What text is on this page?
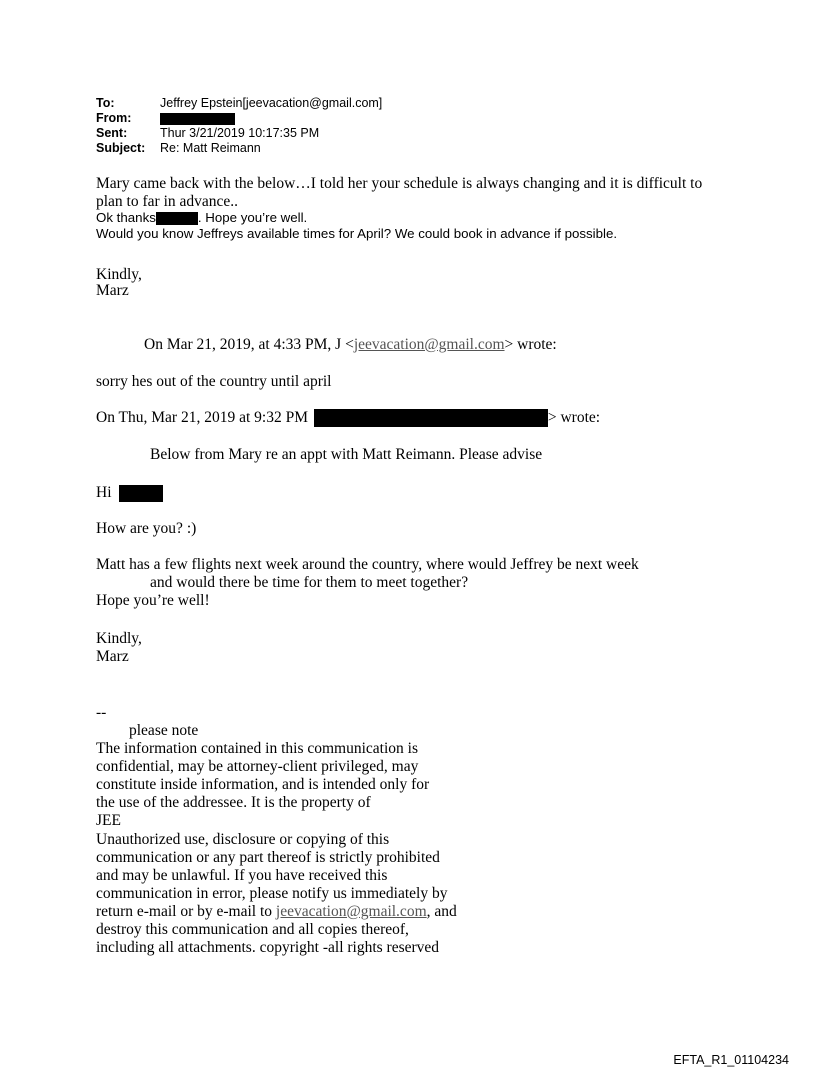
To:	Jeffrey Epstein[jeevacation@gmail.com]
From:
Sent:	Thur 3/21/2019 10:17:35 PM
Subject: Re: Matt Reimann
Mary came back with the below…I told her your schedule is always changing and it is difficult to
plan to far in advance..
Ok thanks	. Hope you’re well.
Would you know Jeffreys available times for April? We could book in advance if possible.
Kindly,
Marz
On Mar 21, 2019, at 4:33 PM, J <jeevacation@gmail.com> wrote:
sorry hes out of the country until april
On Thu, Mar 21, 2019 at 9:32 PM	> wrote:
Below from Mary re an appt with Matt Reimann. Please advise
Hi
How are you? :)
Matt has a few flights next week around the country, where would Jeffrey be next week
and would there be time for them to meet together?
Hope you’re well!
Kindly,
Marz
--
please note
The information contained in this communication is
confidential, may be attorney-client privileged, may
constitute inside information, and is intended only for
the use of the addressee. It is the property of
JEE
Unauthorized use, disclosure or copying of this
communication or any part thereof is strictly prohibited
and may be unlawful. If you have received this
communication in error, please notify us immediately by
return e-mail or by e-mail to jeevacation@gmail.com, and
destroy this communication and all copies thereof,
including all attachments. copyright -all rights reserved
EFTA_R1_01104234
